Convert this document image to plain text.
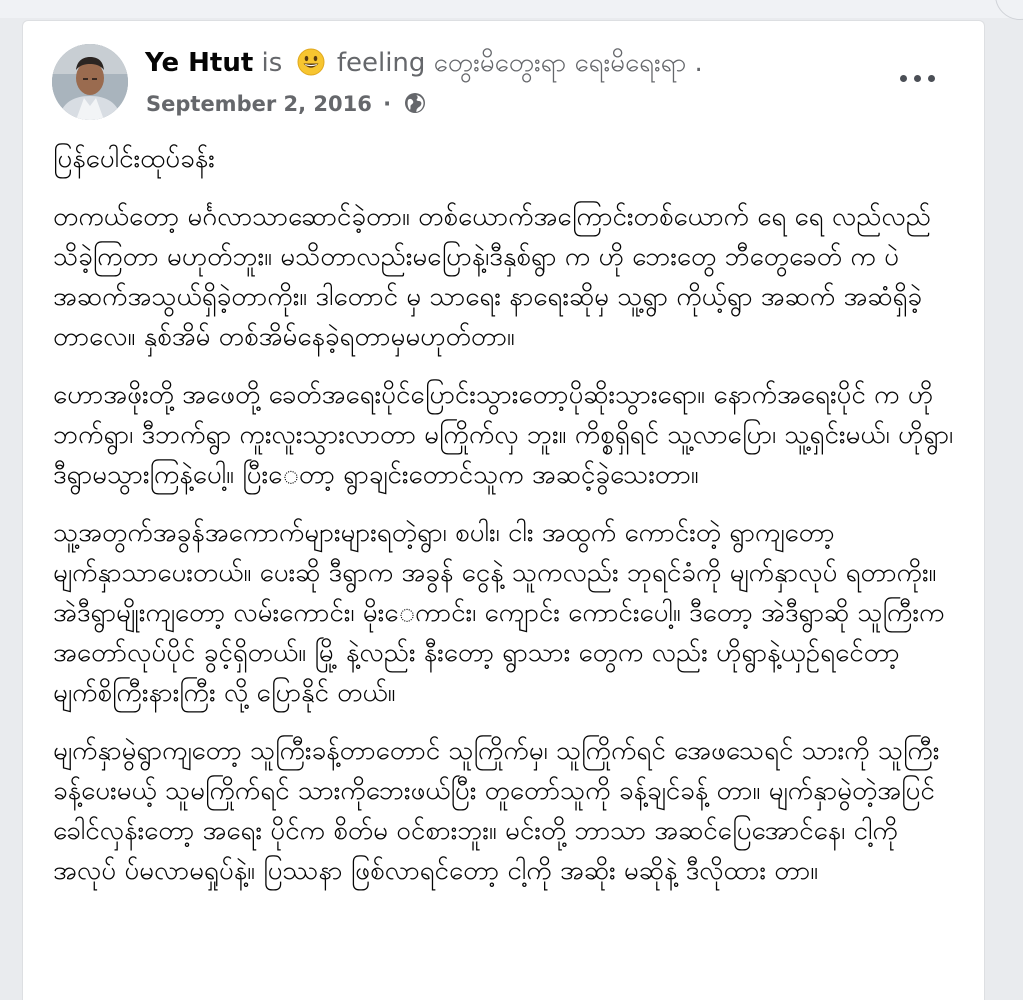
Ye Htut is feeling တွေးမိတွေးရာ ရေးမိရေးရာ .
September 2, 2016 ·

ပြန်ပေါင်းထုပ်ခန်း

တကယ်တော့ မင်္ဂလာသာဆောင်ခဲ့တာ။ တစ်ယောက်အကြောင်းတစ်ယောက် ရေ ရေ လည်လည် သိခဲ့ကြတာ မဟုတ်ဘူး။ မသိတာလည်းမပြောနဲ့၊ဒီနှစ်ရွာ က ဟို ဘေးတွေ ဘီတွေခေတ် က ပဲ အဆက်အသွယ်ရှိခဲ့တာကိုး။ ဒါတောင် မှ သာရေး နာရေးဆိုမှ သူ့ရွာ ကိုယ့်ရွာ အဆက် အဆံရှိခဲ့တာလေ။ နှစ်အိမ် တစ်အိမ်နေခဲ့ရတာမှမဟုတ်တာ။

ဟောအဖိုးတို့ အဖေတို့ ခေတ်အရေးပိုင်ပြောင်းသွားတော့ပိုဆိုးသွားရော။ နောက်အရေးပိုင် က ဟိုဘက်ရွာ၊ ဒီဘက်ရွာ ကူးလူးသွားလာတာ မကြိုက်လှ ဘူး။ ကိစ္စရှိရင် သူ့လာပြော၊ သူ့ရှင်းမယ်၊ ဟိုရွာ၊ ဒီရွာမသွားကြနဲ့ပေါ့။ ပြီးေတာ့ ရွာချင်းတောင်သူက အဆင့်ခွဲသေးတာ။

သူ့အတွက်အခွန်အကောက်များများရတဲ့ရွာ၊ စပါး၊ ငါး အထွက် ကောင်းတဲ့ ရွာကျတော့ မျက်နှာသာပေးတယ်။ ပေးဆို ဒီရွာက အခွန် ငွေနဲ့ သူကလည်း ဘုရင်ခံကို မျက်နှာလုပ် ရတာကိုး။ အဲဒီရွာမျိုးကျတော့ လမ်းကောင်း၊ မိုးေကာင်း၊ ကျောင်း ကောင်းပေါ့။ ဒီတော့ အဲဒီရွာဆို သူကြီးက အတော်လုပ်ပိုင် ခွင့်ရှိတယ်။ မြို့ နဲ့လည်း နီးတော့ ရွာသား တွေက လည်း ဟိုရွာနဲ့ယှဉ်ရင်ေတာ့ မျက်စိကြီးနားကြီး လို့ ပြောနိုင် တယ်။

မျက်နှာမွဲရွာကျတော့ သူကြီးခန့်တာတောင် သူကြိုက်မှ၊ သူကြိုက်ရင် အေဖသေရင် သားကို သူကြီးခန့်ပေးမယ့် သူမကြိုက်ရင် သားကိုဘေးဖယ်ပြီး တူတော်သူကို ခန့်ချင်ခန့် တာ။ မျက်နှာမွဲတဲ့အပြင် ခေါင်လှန်းတော့ အရေး ပိုင်က စိတ်မ ဝင်စားဘူး။ မင်းတို့ ဘာသာ အဆင်ပြေအောင်နေ၊ ငါ့ကိုအလုပ် ပ်မလာမရှုပ်နဲ့။ ပြဿနာ ဖြစ်လာရင်တော့ ငါ့ကို အဆိုး မဆိုနဲ့ ဒီလိုထား တာ။
